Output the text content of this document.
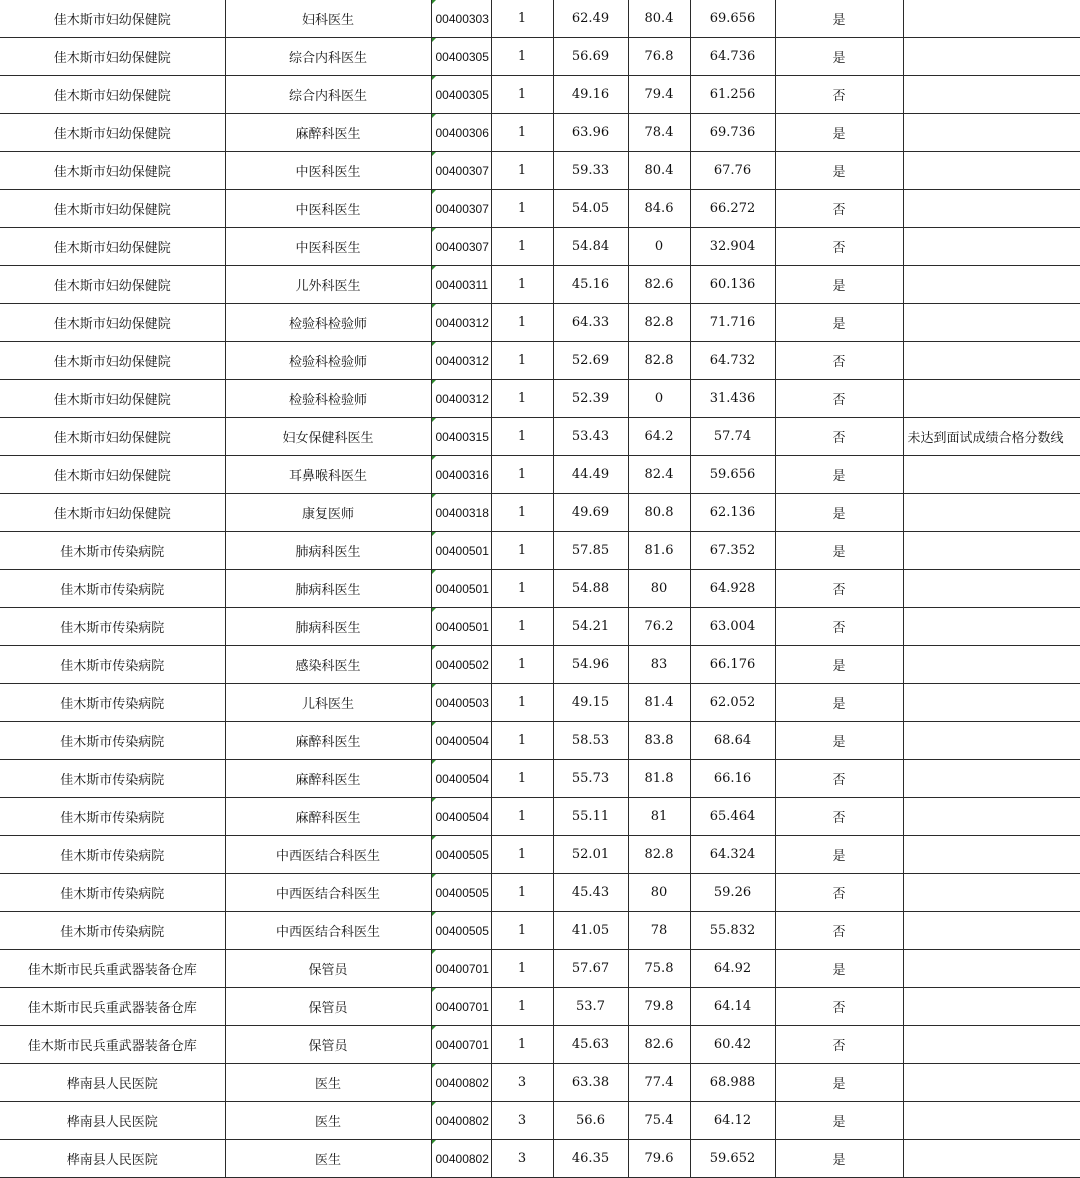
佳木斯市妇幼保健院	妇科医生	00400303	1	62.49	80.4	69.656	是	
佳木斯市妇幼保健院	综合内科医生	00400305	1	56.69	76.8	64.736	是	
佳木斯市妇幼保健院	综合内科医生	00400305	1	49.16	79.4	61.256	否	
佳木斯市妇幼保健院	麻醉科医生	00400306	1	63.96	78.4	69.736	是	
佳木斯市妇幼保健院	中医科医生	00400307	1	59.33	80.4	67.76	是	
佳木斯市妇幼保健院	中医科医生	00400307	1	54.05	84.6	66.272	否	
佳木斯市妇幼保健院	中医科医生	00400307	1	54.84	0	32.904	否	
佳木斯市妇幼保健院	儿外科医生	00400311	1	45.16	82.6	60.136	是	
佳木斯市妇幼保健院	检验科检验师	00400312	1	64.33	82.8	71.716	是	
佳木斯市妇幼保健院	检验科检验师	00400312	1	52.69	82.8	64.732	否	
佳木斯市妇幼保健院	检验科检验师	00400312	1	52.39	0	31.436	否	
佳木斯市妇幼保健院	妇女保健科医生	00400315	1	53.43	64.2	57.74	否	未达到面试成绩合格分数线
佳木斯市妇幼保健院	耳鼻喉科医生	00400316	1	44.49	82.4	59.656	是	
佳木斯市妇幼保健院	康复医师	00400318	1	49.69	80.8	62.136	是	
佳木斯市传染病院	肺病科医生	00400501	1	57.85	81.6	67.352	是	
佳木斯市传染病院	肺病科医生	00400501	1	54.88	80	64.928	否	
佳木斯市传染病院	肺病科医生	00400501	1	54.21	76.2	63.004	否	
佳木斯市传染病院	感染科医生	00400502	1	54.96	83	66.176	是	
佳木斯市传染病院	儿科医生	00400503	1	49.15	81.4	62.052	是	
佳木斯市传染病院	麻醉科医生	00400504	1	58.53	83.8	68.64	是	
佳木斯市传染病院	麻醉科医生	00400504	1	55.73	81.8	66.16	否	
佳木斯市传染病院	麻醉科医生	00400504	1	55.11	81	65.464	否	
佳木斯市传染病院	中西医结合科医生	00400505	1	52.01	82.8	64.324	是	
佳木斯市传染病院	中西医结合科医生	00400505	1	45.43	80	59.26	否	
佳木斯市传染病院	中西医结合科医生	00400505	1	41.05	78	55.832	否	
佳木斯市民兵重武器装备仓库	保管员	00400701	1	57.67	75.8	64.92	是	
佳木斯市民兵重武器装备仓库	保管员	00400701	1	53.7	79.8	64.14	否	
佳木斯市民兵重武器装备仓库	保管员	00400701	1	45.63	82.6	60.42	否	
桦南县人民医院	医生	00400802	3	63.38	77.4	68.988	是	
桦南县人民医院	医生	00400802	3	56.6	75.4	64.12	是	
桦南县人民医院	医生	00400802	3	46.35	79.6	59.652	是	
